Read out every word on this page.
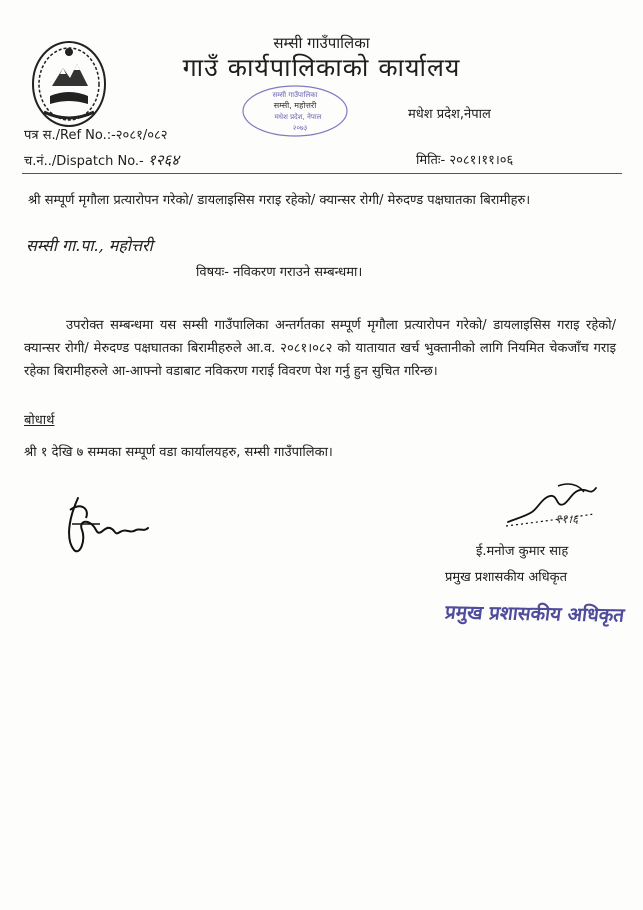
सम्सी गाउँपालिका
गाउँ कार्यपालिकाको कार्यालय
सम्सी गाउँपालिका
सम्सी, महोत्तरी
मधेश प्रदेश, नेपाल
२०७३
मधेश प्रदेश,नेपाल
पत्र स./Ref No.:-२०८१/०८२
च.नं../Dispatch No.- १२६४	मितिः- २०८१।११।०६
श्री सम्पूर्ण मृगौला प्रत्यारोपन गरेको/ डायलाइसिस गराइ रहेको/ क्यान्सर रोगी/ मेरुदण्ड पक्षघातका बिरामीहरु।
सम्सी गा.पा., महोत्तरी
विषयः- नविकरण गराउने सम्बन्धमा।
उपरोक्त सम्बन्धमा यस सम्सी गाउँपालिका अन्तर्गतका सम्पूर्ण मृगौला प्रत्यारोपन गरेको/ डायलाइसिस गराइ रहेको/ क्यान्सर रोगी/ मेरुदण्ड पक्षघातका बिरामीहरुले आ.व. २०८१।०८२ को यातायात खर्च भुक्तानीको लागि नियमित चेकजाँच गराइ रहेका बिरामीहरुले आ-आफ्नो वडाबाट नविकरण गराई विवरण पेश गर्नु हुन सुचित गरिन्छ।
बोधार्थ
श्री १ देखि ७ सम्मका सम्पूर्ण वडा कार्यालयहरु, सम्सी गाउँपालिका।
११।६
ई.मनोज कुमार साह
प्रमुख प्रशासकीय अधिकृत
प्रमुख प्रशासकीय अधिकृत
